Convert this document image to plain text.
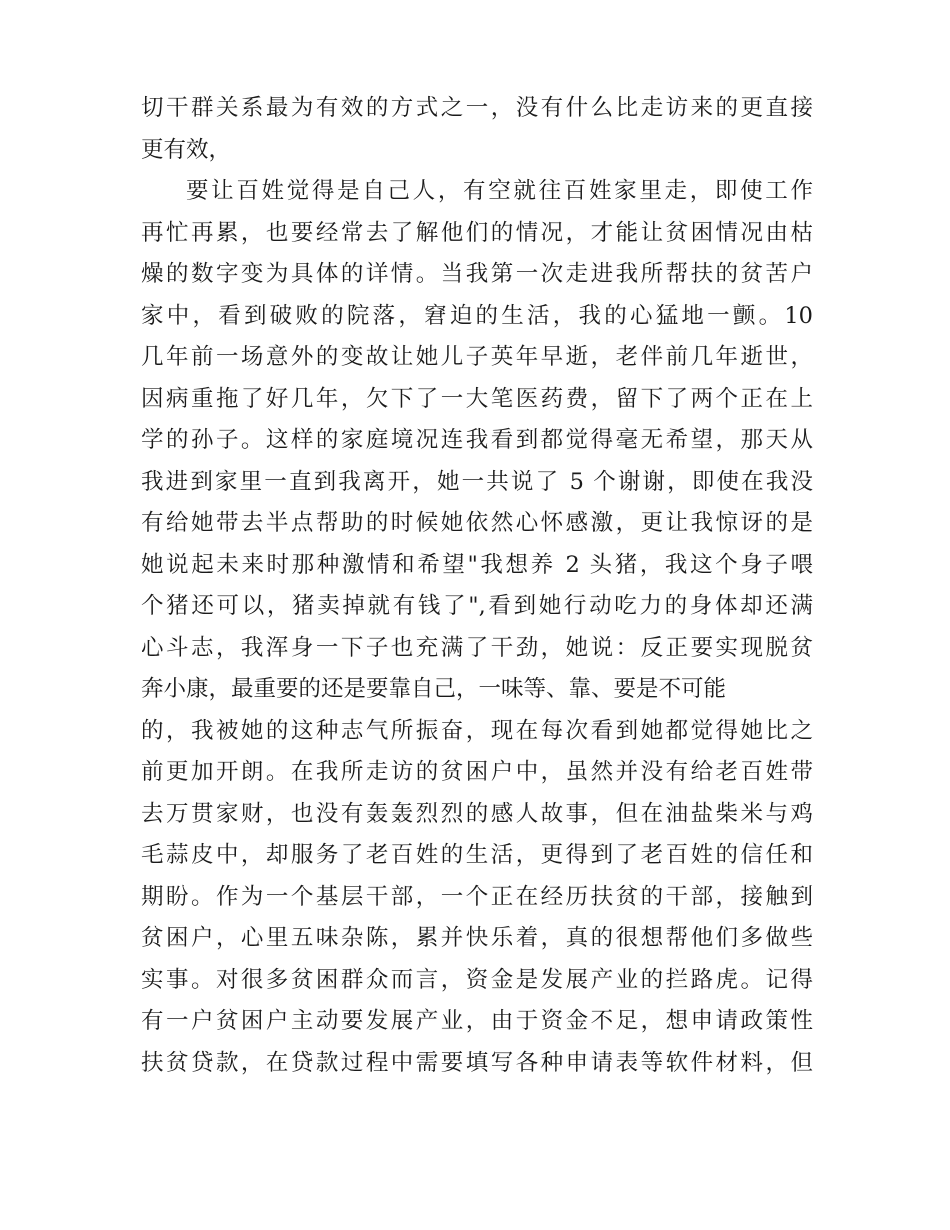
切干群关系最为有效的方式之一，没有什么比走访来的更直接
更有效，
要让百姓觉得是自己人，有空就往百姓家里走，即使工作
再忙再累，也要经常去了解他们的情况，才能让贫困情况由枯
燥的数字变为具体的详情。当我第一次走进我所帮扶的贫苦户
家中，看到破败的院落，窘迫的生活，我的心猛地一颤。10
几年前一场意外的变故让她儿子英年早逝，老伴前几年逝世，
因病重拖了好几年，欠下了一大笔医药费，留下了两个正在上
学的孙子。这样的家庭境况连我看到都觉得毫无希望，那天从
我进到家里一直到我离开，她一共说了 5 个谢谢，即使在我没
有给她带去半点帮助的时候她依然心怀感激，更让我惊讶的是
她说起未来时那种激情和希望"我想养 2 头猪，我这个身子喂
个猪还可以，猪卖掉就有钱了",看到她行动吃力的身体却还满
心斗志，我浑身一下子也充满了干劲，她说：反正要实现脱贫
奔小康，最重要的还是要靠自己，一味等、靠、要是不可能
的，我被她的这种志气所振奋，现在每次看到她都觉得她比之
前更加开朗。在我所走访的贫困户中，虽然并没有给老百姓带
去万贯家财，也没有轰轰烈烈的感人故事，但在油盐柴米与鸡
毛蒜皮中，却服务了老百姓的生活，更得到了老百姓的信任和
期盼。作为一个基层干部，一个正在经历扶贫的干部，接触到
贫困户，心里五味杂陈，累并快乐着，真的很想帮他们多做些
实事。对很多贫困群众而言，资金是发展产业的拦路虎。记得
有一户贫困户主动要发展产业，由于资金不足，想申请政策性
扶贫贷款，在贷款过程中需要填写各种申请表等软件材料，但
